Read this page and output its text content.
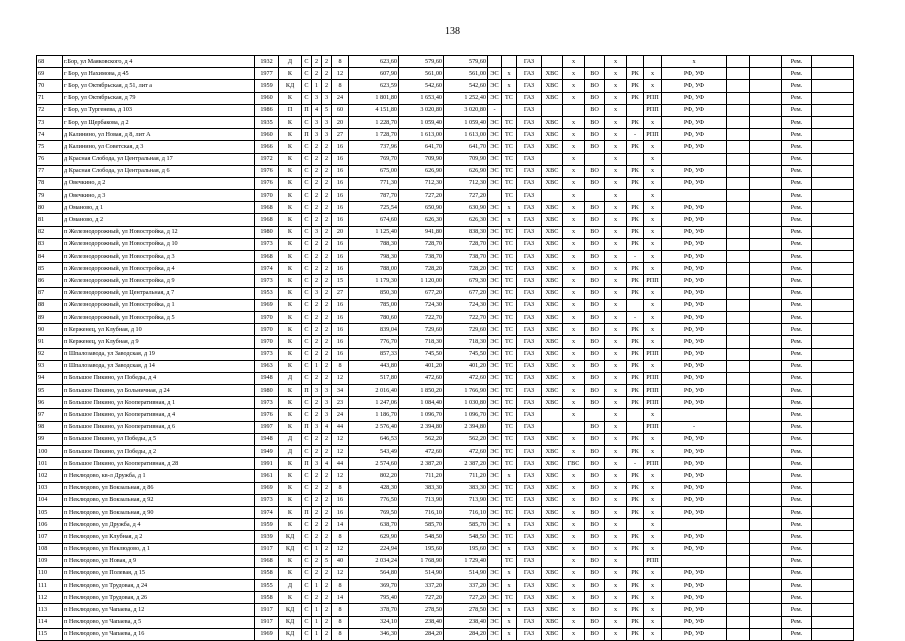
138
68	г.Бор, ул Маяковского, д 4	1932	Д	С	2	2	8	623,60	579,60	579,60			ГАЗ		х		х			х			Рем.	
69	г Бор, ул Нахимова, д 45	1977	К	С	2	2	12	607,90	561,00	561,00	ЭС	х	ГАЗ	ХВС	х	ВО	х	РК	х	РФ, УФ			Рем.	
70	г Бор, ул Октябрьская, д 51, лит а	1959	КД	С	1	2	8	623,59	542,60	542,60	ЭС	х	ГАЗ	ХВС	х	ВО	х	РК	х	РФ, УФ			Рем.	
71	г Бор, ул Октябрьская, д 79	1960	К	С	3	3	24	1 801,80	1 653,40	1 252,40	ЭС	ТС	ГАЗ	ХВС	х	ВО	х	РК	РПП	РФ, УФ			Рем.	
72	г Бор, ул Тургенева, д 103	1986	П	П	4	5	60	4 151,80	3 020,80	3 020,80	-		ГАЗ			ВО	х		РПП	РФ, УФ			Рем.	
73	г Бор, ул Щербакова, д 2	1935	К	С	3	3	20	1 228,70	1 059,40	1 059,40	ЭС	ТС	ГАЗ	ХВС	х	ВО	х	РК	х	РФ, УФ			Рем.	
74	д Калинино, ул Новая, д 8, лит А	1960	К	П	3	3	27	1 728,70	1 613,00	1 613,00	ЭС	ТС	ГАЗ	ХВС	х	ВО	х	-	РПП	РФ, УФ			Рем.	
75	д Калинино, ул Советская, д 3	1966	К	С	2	2	16	737,96	641,70	641,70	ЭС	ТС	ГАЗ	ХВС	х	ВО	х	РК	х	РФ, УФ			Рем.	
76	д Красная Слобода, ул Центральная, д 17	1972	К	С	2	2	16	769,70	709,90	709,90	ЭС	ТС	ГАЗ		х		х		х				Рем.	
77	д Красная Слобода, ул Центральная, д 6	1976	К	С	2	2	16	675,00	626,90	626,90	ЭС	ТС	ГАЗ	ХВС	х	ВО	х	РК	х	РФ, УФ			Рем.	
78	д Овечкино, д 2	1976	К	С	2	2	16	771,30	712,30	712,30	ЭС	ТС	ГАЗ	ХВС	х	ВО	х	РК	х	РФ, УФ			Рем.	
79	д Овечкино, д 3	1970	К	С	2	2	16	787,70	727,20	727,20		ТС	ГАЗ		х		х		х				Рем.	
80	д Оманово, д 1	1968	К	С	2	2	16	725,54	650,90	630,90	ЭС	х	ГАЗ	ХВС	х	ВО	х	РК	х	РФ, УФ			Рем.	
81	д Оманово, д 2	1968	К	С	2	2	16	674,60	626,30	626,30	ЭС	х	ГАЗ	ХВС	х	ВО	х	РК	х	РФ, УФ			Рем.	
82	п Железнодорожный, ул Новостройка, д 12	1980	К	С	3	2	20	1 125,40	941,80	838,30	ЭС	ТС	ГАЗ	ХВС	х	ВО	х	РК	х	РФ, УФ			Рем.	
83	п Железнодорожный, ул Новостройка, д 10	1973	К	С	2	2	16	788,30	728,70	728,70	ЭС	ТС	ГАЗ	ХВС	х	ВО	х	РК	х	РФ, УФ			Рем.	
84	п Железнодорожный, ул Новостройка, д 3	1968	К	С	2	2	16	798,30	738,70	738,70	ЭС	ТС	ГАЗ	ХВС	х	ВО	х	-	х	РФ, УФ			Рем.	
85	п Железнодорожный, ул Новостройка, д 4	1974	К	С	2	2	16	788,00	728,20	728,20	ЭС	ТС	ГАЗ	ХВС	х	ВО	х	РК	х	РФ, УФ			Рем.	
86	п Железнодорожный, ул Новостройка, д 9	1973	К	С	2	2	15	1 179,30	1 120,00	679,30	ЭС	ТС	ГАЗ	ХВС	х	ВО	х	РК	РПП	РФ, УФ			Рем.	
87	п Железнодорожный, ул Центральная, д 7	1953	К	С	3	2	27	850,30	677,20	677,20	ЭС	ТС	ГАЗ	ХВС	х	ВО	х	РК	х	РФ, УФ			Рем.	
88	п Железнодорожный, ул Новостройка, д 1	1969	К	С	2	2	16	785,00	724,30	724,30	ЭС	ТС	ГАЗ	ХВС	х	ВО	х		х	РФ, УФ			Рем.	
89	п Железнодорожный, ул Новостройка, д 5	1970	К	С	2	2	16	780,60	722,70	722,70	ЭС	ТС	ГАЗ	ХВС	х	ВО	х	-	х	РФ, УФ			Рем.	
90	п Керженец, ул Клубная, д 10	1970	К	С	2	2	16	839,04	729,60	729,60	ЭС	ТС	ГАЗ	ХВС	х	ВО	х	РК	х	РФ, УФ			Рем.	
91	п Керженец, ул Клубная, д 9	1970	К	С	2	2	16	776,70	718,30	718,30	ЭС	ТС	ГАЗ	ХВС	х	ВО	х	РК	х	РФ, УФ			Рем.	
92	п Шпалозавода, ул Заводская, д 19	1973	К	С	2	2	16	857,33	745,50	745,50	ЭС	ТС	ГАЗ	ХВС	х	ВО	х	РК	РПП	РФ, УФ			Рем.	
93	п Шпалозавода, ул Заводская, д 14	1963	К	С	1	2	8	443,80	401,20	401,20	ЭС	ТС	ГАЗ	ХВС	х	ВО	х	РК	х	РФ, УФ			Рем.	
94	п Большое Пикино, ул Победы, д 4	1948	Д	С	2	2	12	517,80	472,60	472,60	ЭС	ТС	ГАЗ	ХВС	х	ВО	х	РК	РПП	РФ, УФ			Рем.	
95	п Большое Пикино, ул Больничная, д 24	1980	К	П	3	3	34	2 016,40	1 850,20	1 766,90	ЭС	ТС	ГАЗ	ХВС	х	ВО	х	РК	РПП	РФ, УФ			Рем.	
96	п Большое Пикино, ул Кооперативная, д 1	1973	К	С	2	3	23	1 247,06	1 084,40	1 030,80	ЭС	ТС	ГАЗ	ХВС	х	ВО	х	РК	РПП	РФ, УФ			Рем.	
97	п Большое Пикино, ул Кооперативная, д 4	1976	К	С	2	3	24	1 186,70	1 096,70	1 096,70	ЭС	ТС	ГАЗ		х		х		х				Рем.	
98	п Большое Пикино, ул Кооперативная, д 6	1997	К	П	3	4	44	2 576,40	2 394,80	2 394,80		ТС	ГАЗ			ВО	х		РПП	-			Рем.	
99	п Большое Пикино, ул Победы, д 5	1948	Д	С	2	2	12	646,53	562,20	562,20	ЭС	ТС	ГАЗ	ХВС	х	ВО	х	РК	х	РФ, УФ			Рем.	
100	п Большое Пикино, ул Победы, д 2	1949	Д	С	2	2	12	543,49	472,60	472,60	ЭС	ТС	ГАЗ	ХВС	х	ВО	х	РК	х	РФ, УФ			Рем.	
101	п Большое Пикино, ул Кооперативная, д 28	1991	К	П	3	4	44	2 574,60	2 387,20	2 387,20	ЭС	ТС	ГАЗ	ХВС	ГВС	ВО	х	-	РПП	РФ, УФ			Рем.	
102	п Неклюдово, кв-л Дружба, д 1	1961	К	С	2	2	12	802,20	711,20	711,20	ЭС	х	ГАЗ	ХВС	х	ВО	х	РК	х	РФ, УФ			Рем.	
103	п Неклюдово, ул Вокзальная, д 86	1969	К	С	2	2	8	428,30	383,30	383,30	ЭС	ТС	ГАЗ	ХВС	х	ВО	х	РК	х	РФ, УФ			Рем.	
104	п Неклюдово, ул Вокзальная, д 92	1973	К	С	2	2	16	776,50	713,90	713,90	ЭС	ТС	ГАЗ	ХВС	х	ВО	х	РК	х	РФ, УФ			Рем.	
105	п Неклюдово, ул Вокзальная, д 90	1974	К	П	2	2	16	769,50	716,10	716,10	ЭС	ТС	ГАЗ	ХВС	х	ВО	х	РК	х	РФ, УФ			Рем.	
106	п Неклюдово, ул Дружба, д 4	1959	К	С	2	2	14	638,70	585,70	585,70	ЭС	х	ГАЗ	ХВС	х	ВО	х		х				Рем.	
107	п Неклюдово, ул Клубная, д 2	1939	КД	С	2	2	8	629,90	548,50	548,50	ЭС	ТС	ГАЗ	ХВС	х	ВО	х	РК	х	РФ, УФ			Рем.	
108	п Неклюдово, ул Неклюдово, д 1	1917	КД	С	1	2	12	224,94	195,60	195,60	ЭС	х	ГАЗ	ХВС	х	ВО	х	РК	х	РФ, УФ			Рем.	
109	п Неклюдово, ул Новая, д 9	1968	К	С	2	5	40	2 034,24	1 768,90	1 729,40		ТС	ГАЗ		х	ВО	х		РПП				Рем.	
110	п Неклюдово, ул Полевая, д 15	1958	К	С	2	2	12	564,80	514,90	514,90	ЭС	х	ГАЗ	ХВС	х	ВО	х	РК	х	РФ, УФ			Рем.	
111	п Неклюдово, ул Трудовая, д 24	1955	Д	С	1	2	8	369,70	337,20	337,20	ЭС	х	ГАЗ	ХВС	х	ВО	х	РК	х	РФ, УФ			Рем.	
112	п Неклюдово, ул Трудовая, д 26	1958	К	С	2	2	14	795,40	727,20	727,20	ЭС	ТС	ГАЗ	ХВС	х	ВО	х	РК	х	РФ, УФ			Рем.	
113	п Неклюдово, ул Чапаева, д 12	1917	КД	С	1	2	8	378,70	278,50	278,50	ЭС	х	ГАЗ	ХВС	х	ВО	х	РК	х	РФ, УФ			Рем.	
114	п Неклюдово, ул Чапаева, д 5	1917	КД	С	1	2	8	324,10	238,40	238,40	ЭС	х	ГАЗ	ХВС	х	ВО	х	РК	х	РФ, УФ			Рем.	
115	п Неклюдово, ул Чапаева, д 16	1969	КД	С	1	2	8	346,30	284,20	284,20	ЭС	х	ГАЗ	ХВС	х	ВО	х	РК	х	РФ, УФ			Рем.	
